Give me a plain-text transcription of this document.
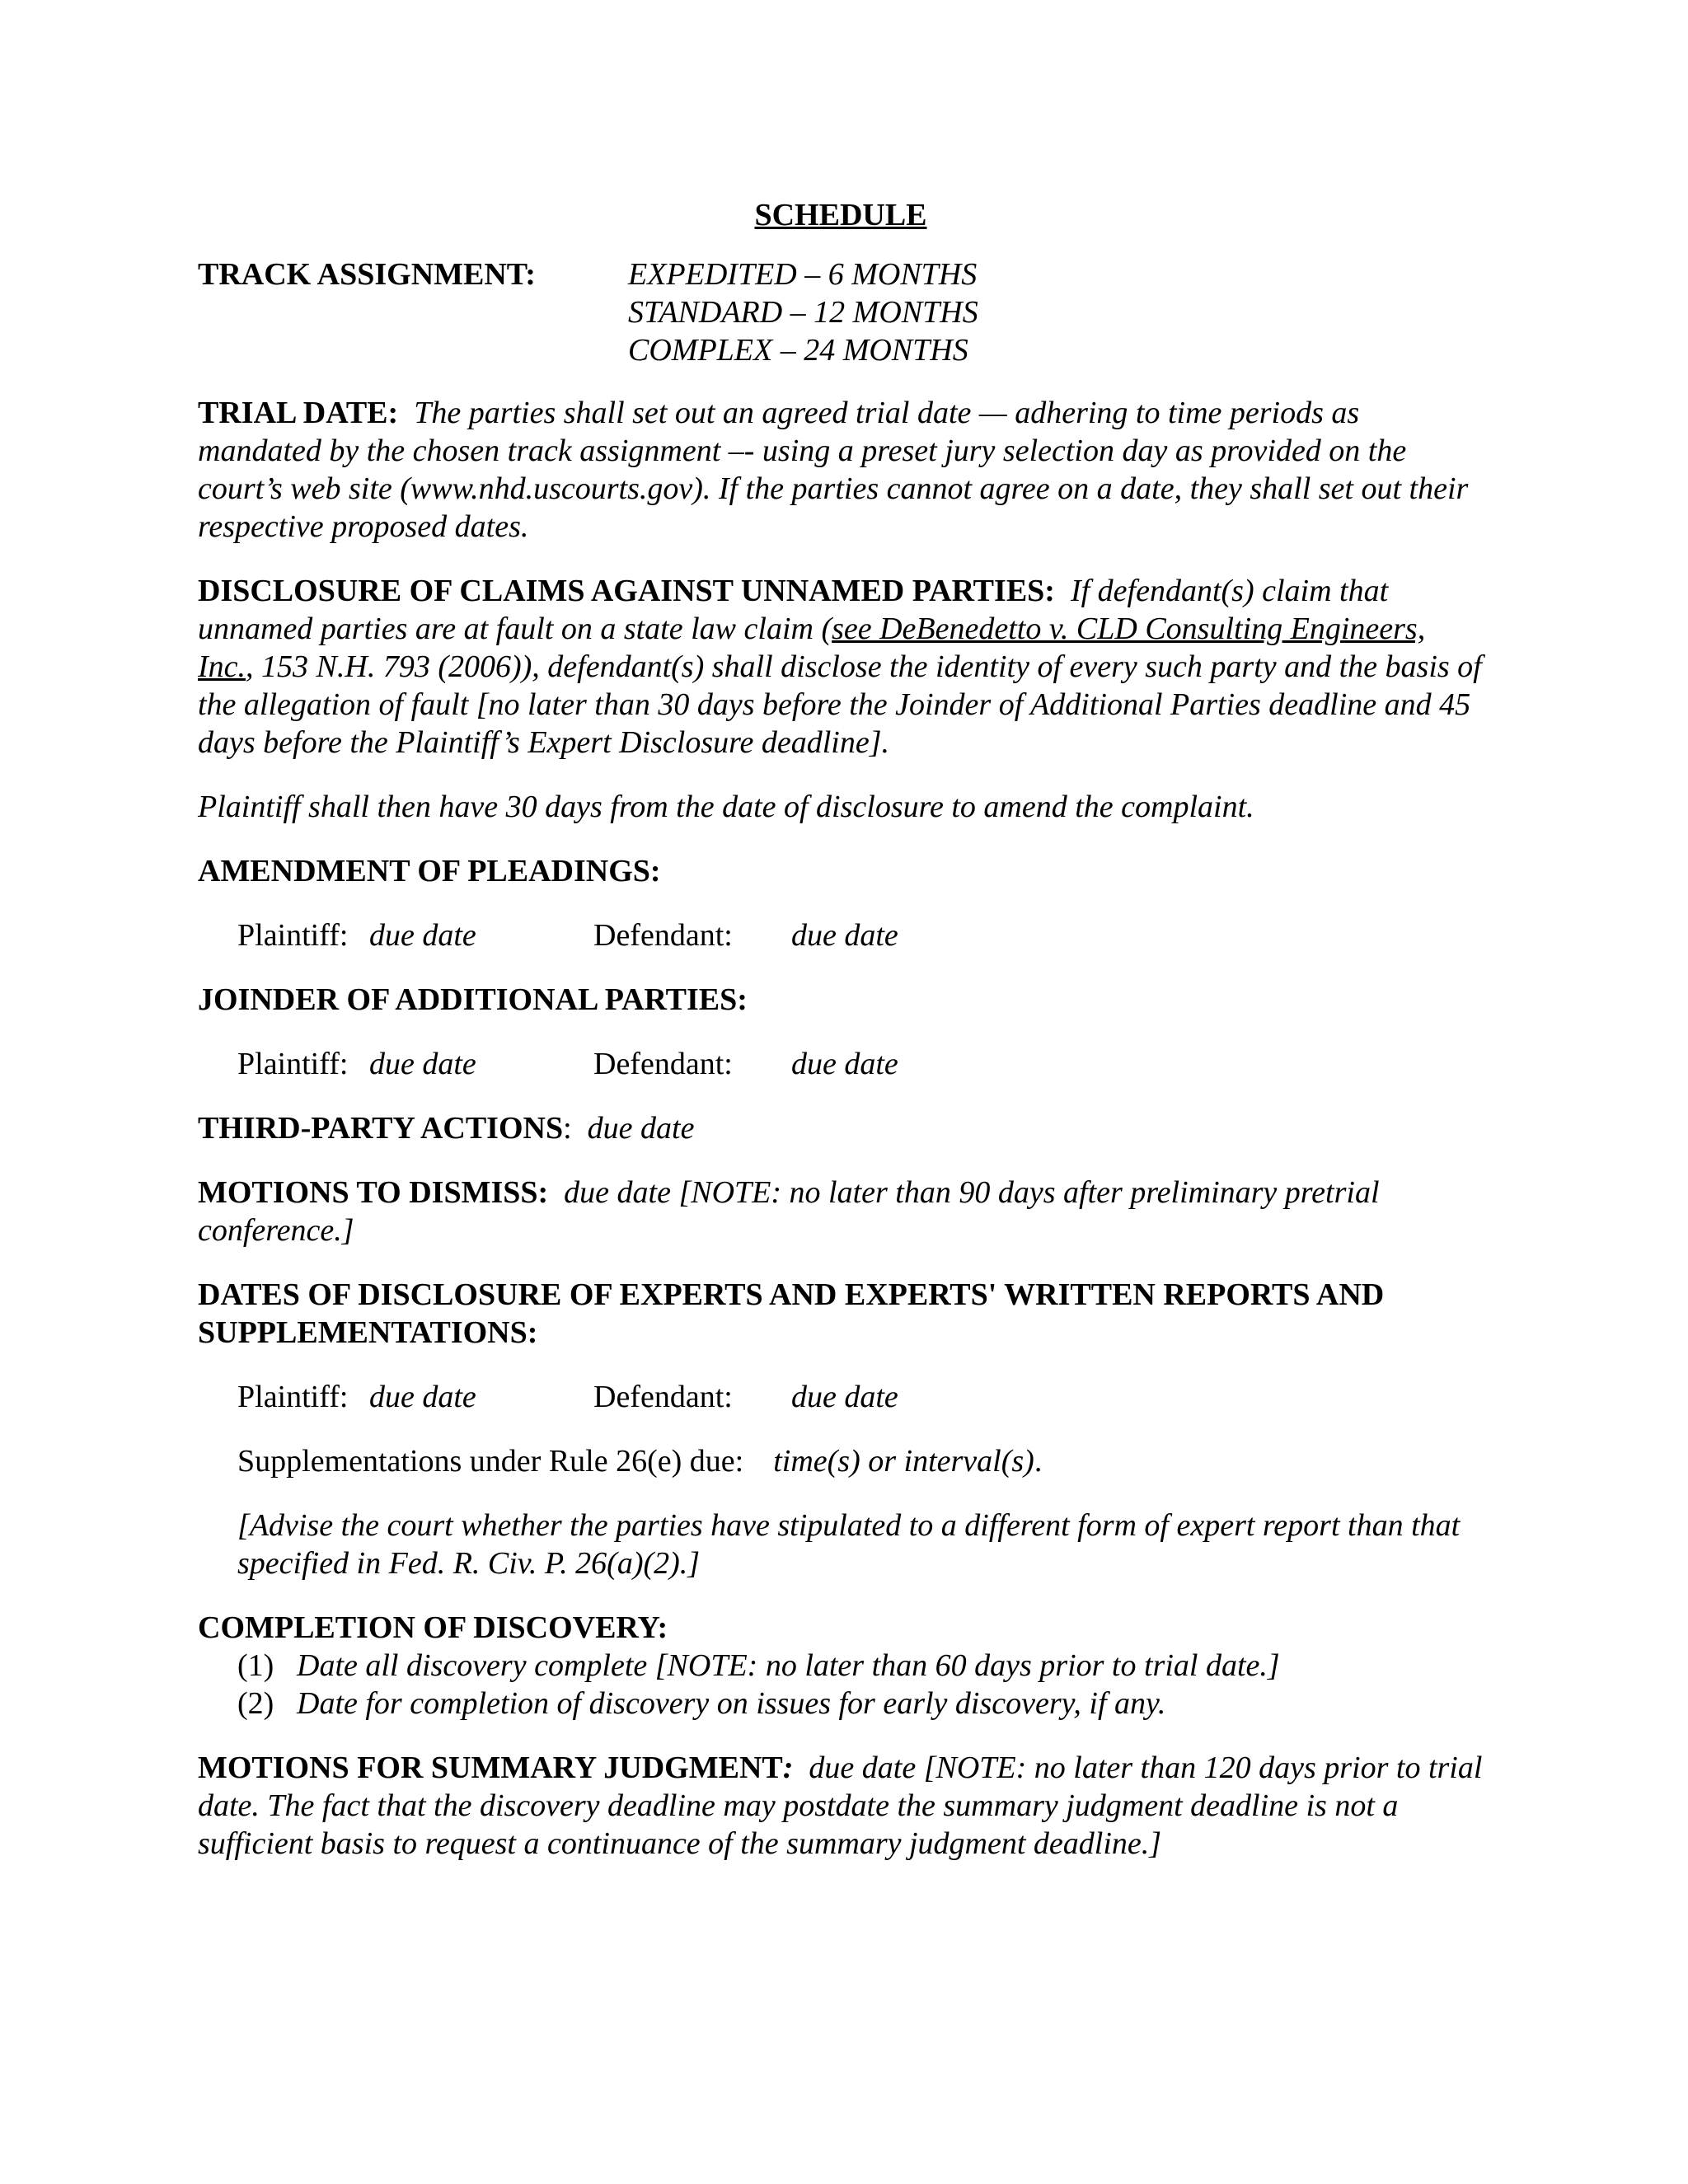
SCHEDULE
TRACK ASSIGNMENT:	EXPEDITED – 6 MONTHS
STANDARD – 12 MONTHS
COMPLEX – 24 MONTHS

TRIAL DATE: The parties shall set out an agreed trial date — adhering to time periods as mandated by the chosen track assignment –- using a preset jury selection day as provided on the court’s web site (www.nhd.uscourts.gov). If the parties cannot agree on a date, they shall set out their respective proposed dates.

DISCLOSURE OF CLAIMS AGAINST UNNAMED PARTIES: If defendant(s) claim that unnamed parties are at fault on a state law claim (see DeBenedetto v. CLD Consulting Engineers, Inc., 153 N.H. 793 (2006)), defendant(s) shall disclose the identity of every such party and the basis of the allegation of fault [no later than 30 days before the Joinder of Additional Parties deadline and 45 days before the Plaintiff’s Expert Disclosure deadline].

Plaintiff shall then have 30 days from the date of disclosure to amend the complaint.

AMENDMENT OF PLEADINGS:

Plaintiff: due date	Defendant:	due date

JOINDER OF ADDITIONAL PARTIES:

Plaintiff: due date	Defendant:	due date

THIRD-PARTY ACTIONS: due date

MOTIONS TO DISMISS: due date [NOTE: no later than 90 days after preliminary pretrial conference.]

DATES OF DISCLOSURE OF EXPERTS AND EXPERTS' WRITTEN REPORTS AND SUPPLEMENTATIONS:

Plaintiff: due date	Defendant:	due date

Supplementations under Rule 26(e) due: time(s) or interval(s).

[Advise the court whether the parties have stipulated to a different form of expert report than that specified in Fed. R. Civ. P. 26(a)(2).]

COMPLETION OF DISCOVERY:

(1) Date all discovery complete [NOTE: no later than 60 days prior to trial date.]
(2) Date for completion of discovery on issues for early discovery, if any.

MOTIONS FOR SUMMARY JUDGMENT: due date [NOTE: no later than 120 days prior to trial date. The fact that the discovery deadline may postdate the summary judgment deadline is not a sufficient basis to request a continuance of the summary judgment deadline.]
